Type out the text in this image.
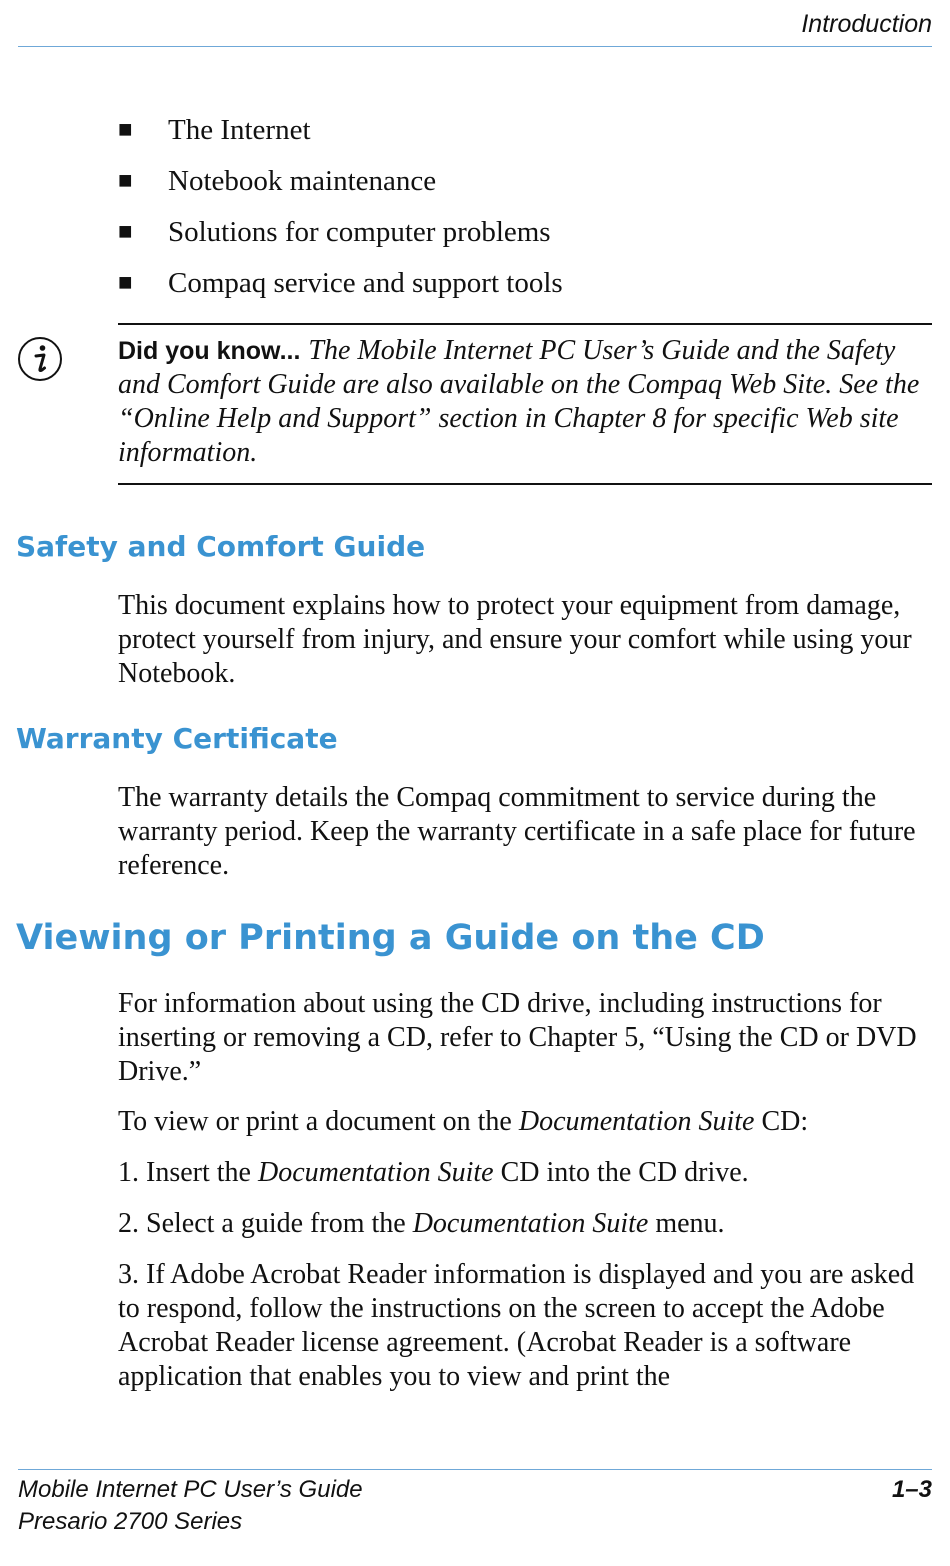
Introduction
■	The Internet
■	Notebook maintenance
■	Solutions for computer problems
■	Compaq service and support tools
Did you know... The Mobile Internet PC User’s Guide and the Safety and Comfort Guide are also available on the Compaq Web Site. See the “Online Help and Support” section in Chapter 8 for specific Web site information.
Safety and Comfort Guide

This document explains how to protect your equipment from damage, protect yourself from injury, and ensure your comfort while using your Notebook.

Warranty Certificate

The warranty details the Compaq commitment to service during the warranty period. Keep the warranty certificate in a safe place for future reference.

Viewing or Printing a Guide on the CD

For information about using the CD drive, including instructions for inserting or removing a CD, refer to Chapter 5, “Using the CD or DVD Drive.”

To view or print a document on the Documentation Suite CD:

1. Insert the Documentation Suite CD into the CD drive.

2. Select a guide from the Documentation Suite menu.

3. If Adobe Acrobat Reader information is displayed and you are asked to respond, follow the instructions on the screen to accept the Adobe Acrobat Reader license agreement. (Acrobat Reader is a software application that enables you to view and print the

Mobile Internet PC User’s Guide
Presario 2700 Series
1–3
